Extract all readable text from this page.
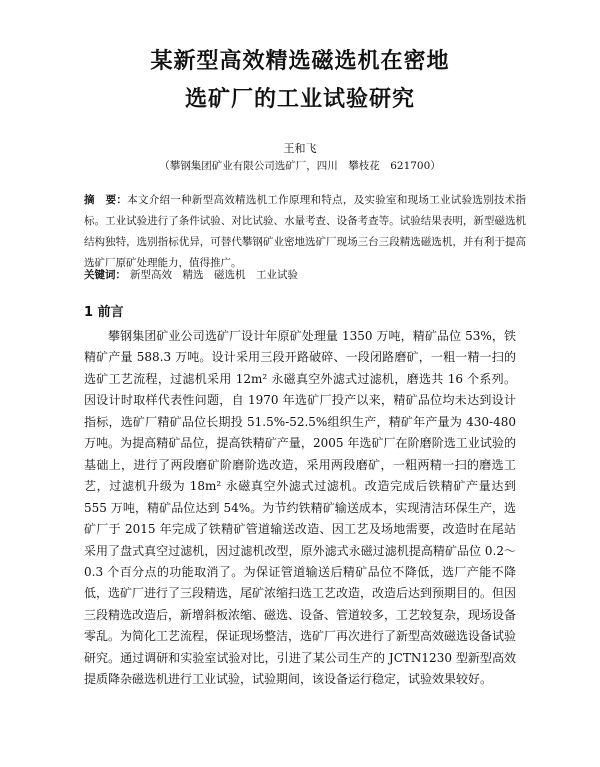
某新型高效精选磁选机在密地
选矿厂的工业试验研究
王和飞
（攀钢集团矿业有限公司选矿厂，四川　攀枝花　621700）

摘　要：本文介绍一种新型高效精选机工作原理和特点，及实验室和现场工业试验选别技术指标。工业试验进行了条件试验、对比试验、水量考查、设备考查等。试验结果表明，新型磁选机结构独特，选别指标优异，可替代攀钢矿业密地选矿厂现场三台三段精选磁选机，并有利于提高选矿厂原矿处理能力，值得推广。

关键词： 新型高效　精选　磁选机　工业试验
1 前言

攀钢集团矿业公司选矿厂设计年原矿处理量 1350 万吨，精矿品位 53%，铁精矿产量 588.3 万吨。设计采用三段开路破碎、一段闭路磨矿，一粗一精一扫的选矿工艺流程，过滤机采用 12m² 永磁真空外滤式过滤机，磨选共 16 个系列。因设计时取样代表性问题，自 1970 年选矿厂投产以来，精矿品位均未达到设计指标，选矿厂精矿品位长期投 51.5%-52.5%组织生产，精矿年产量为 430-480 万吨。为提高精矿品位，提高铁精矿产量，2005 年选矿厂在阶磨阶选工业试验的基础上，进行了两段磨矿阶磨阶选改造，采用两段磨矿，一粗两精一扫的磨选工艺，过滤机升级为 18m² 永磁真空外滤式过滤机。改造完成后铁精矿产量达到 555 万吨，精矿品位达到 54%。为节约铁精矿输送成本，实现清洁环保生产，选矿厂于 2015 年完成了铁精矿管道输送改造、因工艺及场地需要，改造时在尾站采用了盘式真空过滤机，因过滤机改型，原外滤式永磁过滤机提高精矿品位 0.2～0.3 个百分点的功能取消了。为保证管道输送后精矿品位不降低，选厂产能不降低，选矿厂进行了三段精选，尾矿浓缩扫选工艺改造，改造后达到预期目的。但因三段精选改造后，新增斜板浓缩、磁选、设备、管道较多，工艺较复杂，现场设备零乱。为简化工艺流程，保证现场整洁，选矿厂再次进行了新型高效磁选设备试验研究。通过调研和实验室试验对比，引进了某公司生产的 JCTN1230 型新型高效提质降杂磁选机进行工业试验，试验期间，该设备运行稳定，试验效果较好。
